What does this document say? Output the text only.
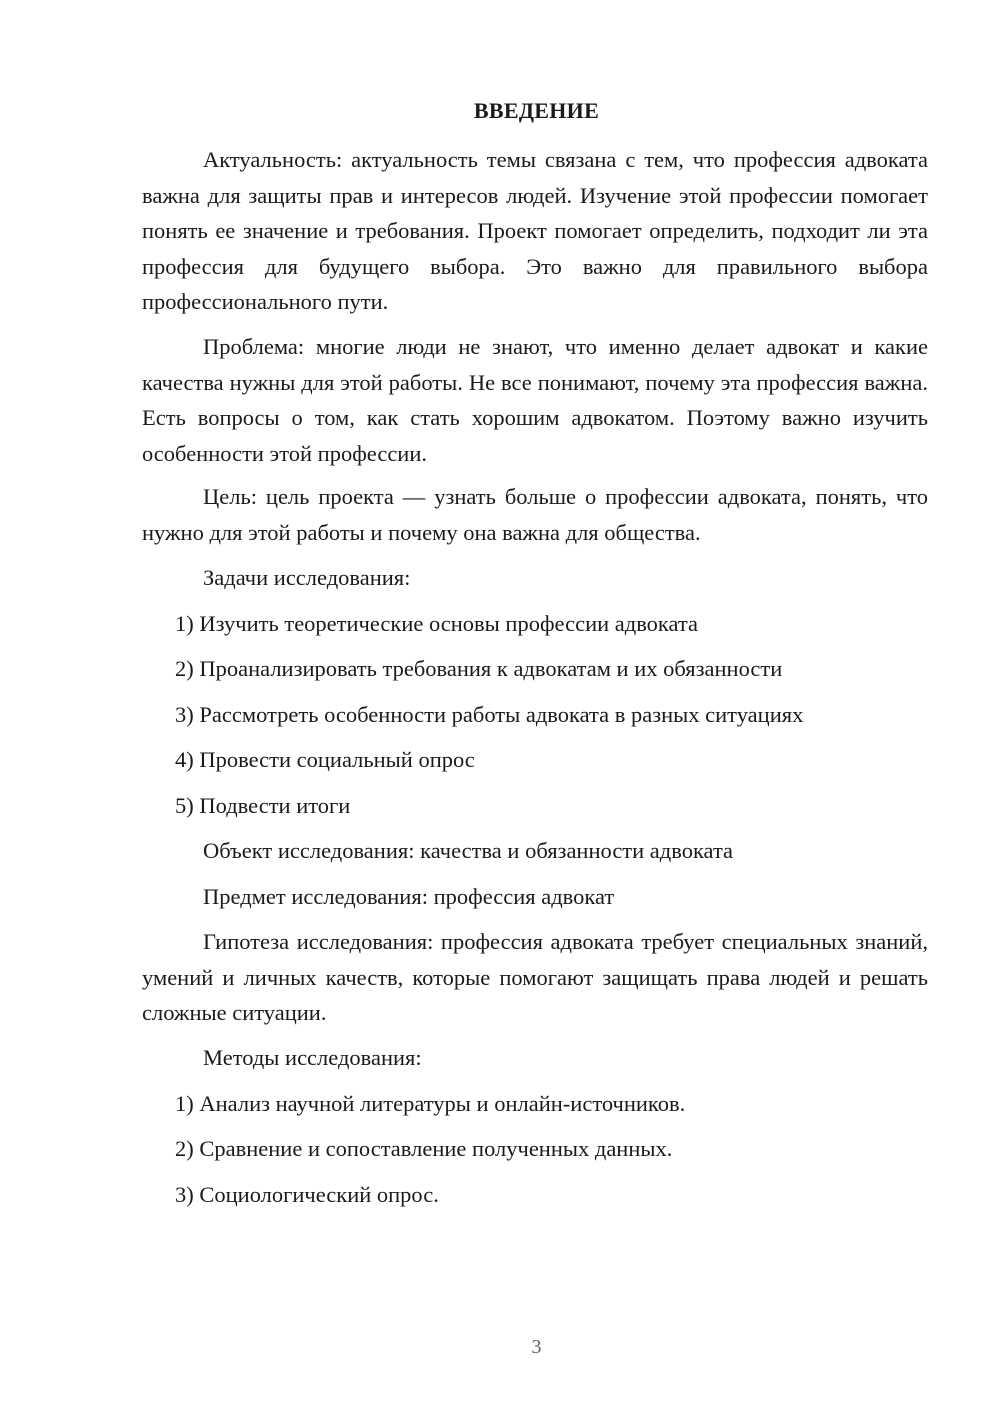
ВВЕДЕНИЕ

Актуальность: актуальность темы связана с тем, что профессия адвоката важна для защиты прав и интересов людей. Изучение этой профессии помогает понять ее значение и требования. Проект помогает определить, подходит ли эта профессия для будущего выбора. Это важно для правильного выбора профессионального пути.

Проблема: многие люди не знают, что именно делает адвокат и какие качества нужны для этой работы. Не все понимают, почему эта профессия важна. Есть вопросы о том, как стать хорошим адвокатом. Поэтому важно изучить особенности этой профессии.

Цель: цель проекта — узнать больше о профессии адвоката, понять, что нужно для этой работы и почему она важна для общества.

Задачи исследования:

1) Изучить теоретические основы профессии адвоката

2) Проанализировать требования к адвокатам и их обязанности

3) Рассмотреть особенности работы адвоката в разных ситуациях

4) Провести социальный опрос

5) Подвести итоги

Объект исследования: качества и обязанности адвоката

Предмет исследования: профессия адвокат

Гипотеза исследования: профессия адвоката требует специальных знаний, умений и личных качеств, которые помогают защищать права людей и решать сложные ситуации.

Методы исследования:

1) Анализ научной литературы и онлайн-источников.

2) Сравнение и сопоставление полученных данных.

3) Социологический опрос.

3
